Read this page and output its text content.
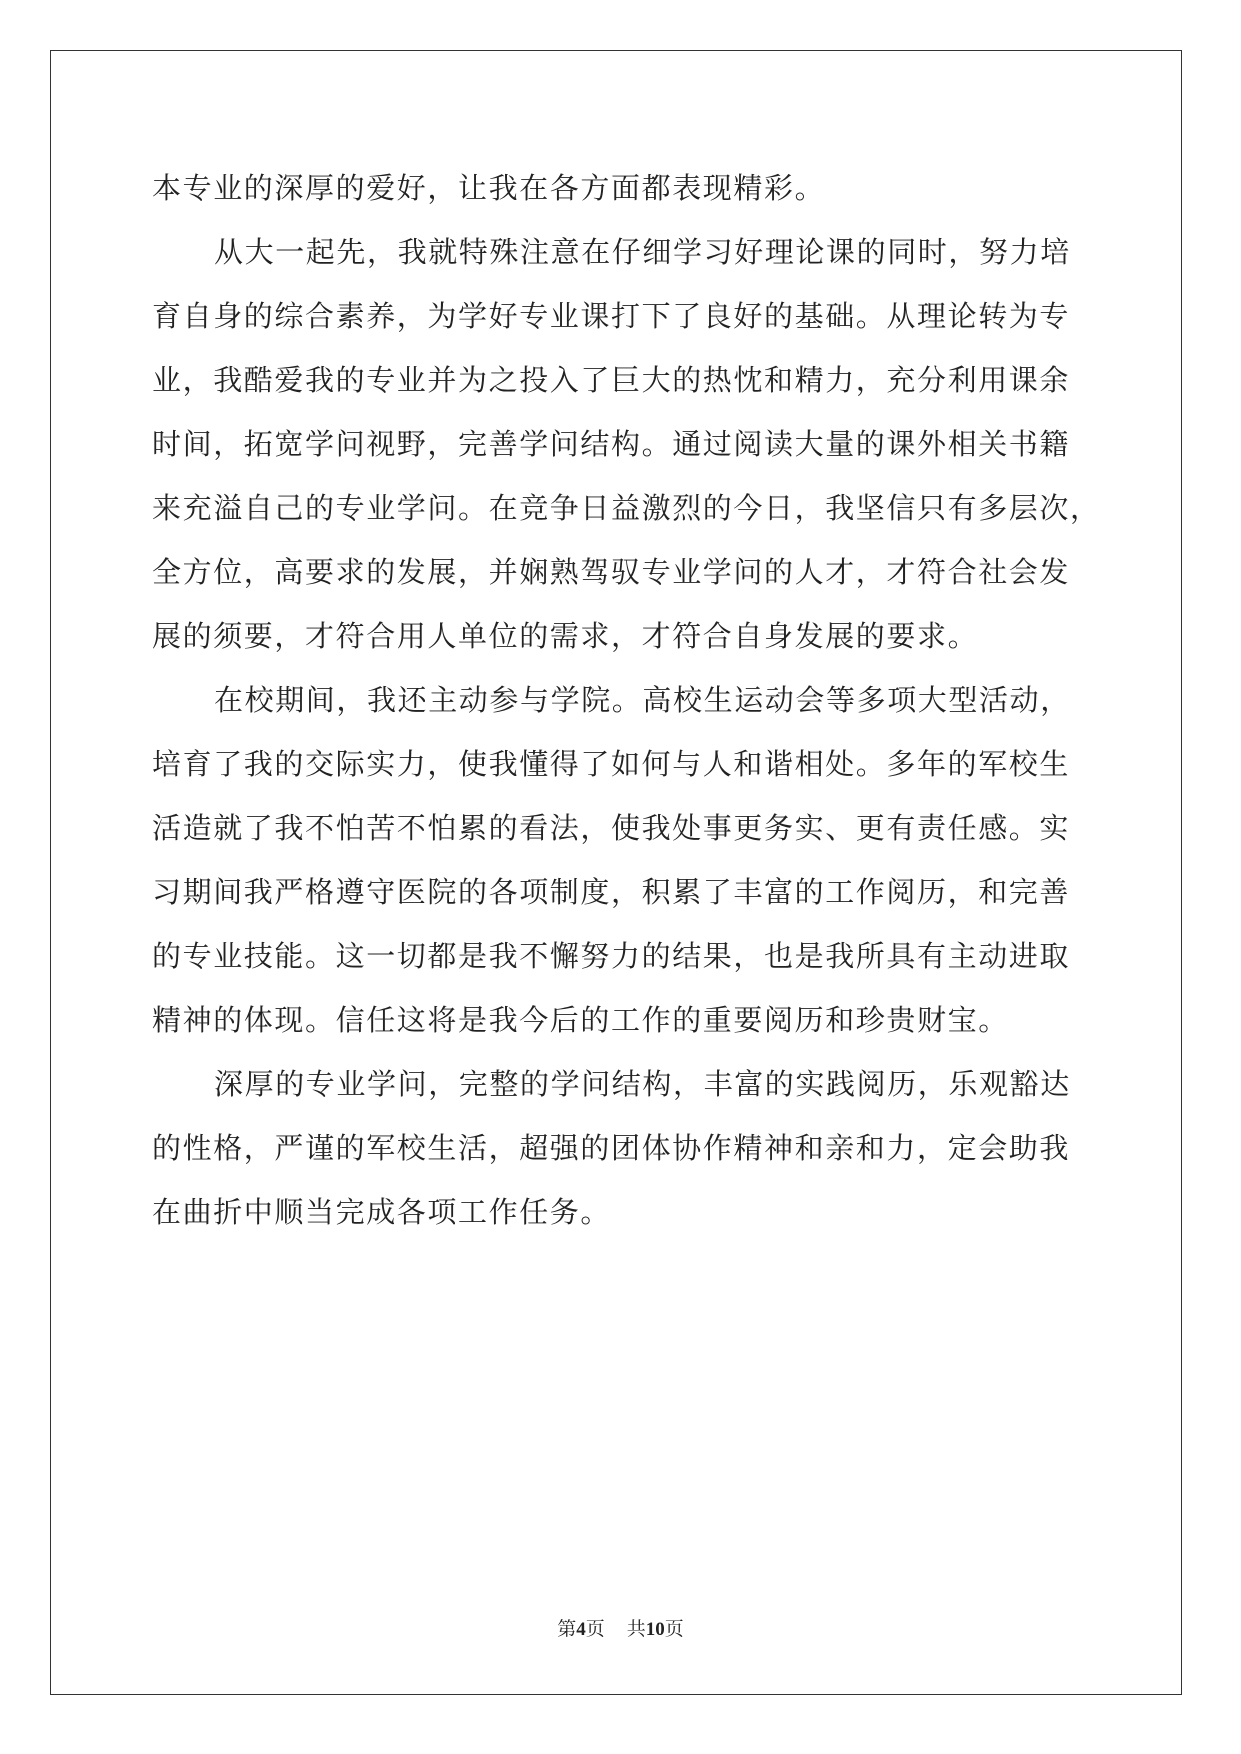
本专业的深厚的爱好，让我在各方面都表现精彩。
从大一起先，我就特殊注意在仔细学习好理论课的同时，努力培
育自身的综合素养，为学好专业课打下了良好的基础。从理论转为专
业，我酷爱我的专业并为之投入了巨大的热忱和精力，充分利用课余
时间，拓宽学问视野，完善学问结构。通过阅读大量的课外相关书籍
来充溢自己的专业学问。在竞争日益激烈的今日，我坚信只有多层次，
全方位，高要求的发展，并娴熟驾驭专业学问的人才，才符合社会发
展的须要，才符合用人单位的需求，才符合自身发展的要求。
在校期间，我还主动参与学院。高校生运动会等多项大型活动，
培育了我的交际实力，使我懂得了如何与人和谐相处。多年的军校生
活造就了我不怕苦不怕累的看法，使我处事更务实、更有责任感。实
习期间我严格遵守医院的各项制度，积累了丰富的工作阅历，和完善
的专业技能。这一切都是我不懈努力的结果，也是我所具有主动进取
精神的体现。信任这将是我今后的工作的重要阅历和珍贵财宝。
深厚的专业学问，完整的学问结构，丰富的实践阅历，乐观豁达
的性格，严谨的军校生活，超强的团体协作精神和亲和力，定会助我
在曲折中顺当完成各项工作任务。
第4页 共10页
